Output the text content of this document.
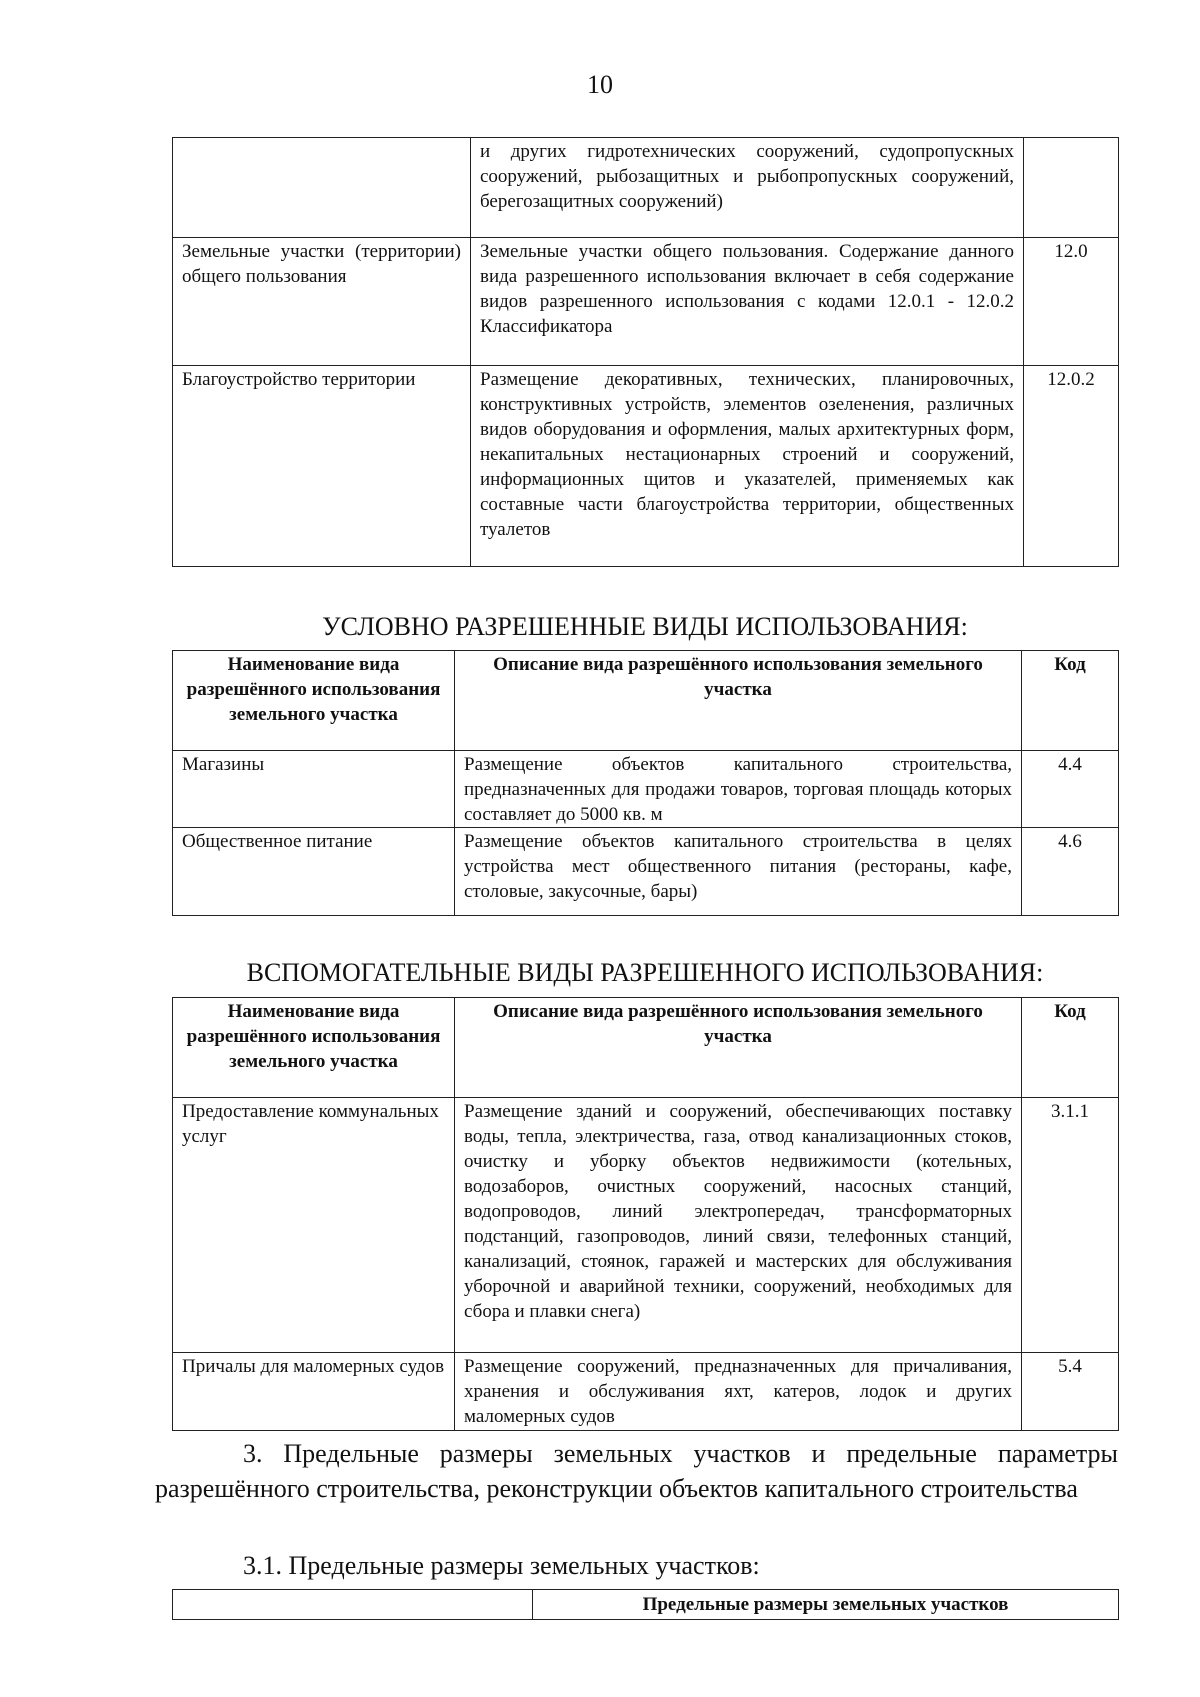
10
	и других гидротехнических сооружений, судопропускных сооружений, рыбозащитных и рыбопропускных сооружений, берегозащитных сооружений)	
Земельные участки (территории) общего пользования	Земельные участки общего пользования. Содержание данного вида разрешенного использования включает в себя содержание видов разрешенного использования с кодами 12.0.1 - 12.0.2 Классификатора	12.0
Благоустройство территории	Размещение декоративных, технических, планировочных, конструктивных устройств, элементов озеленения, различных видов оборудования и оформления, малых архитектурных форм, некапитальных нестационарных строений и сооружений, информационных щитов и указателей, применяемых как составные части благоустройства территории, общественных туалетов	12.0.2
УСЛОВНО РАЗРЕШЕННЫЕ ВИДЫ ИСПОЛЬЗОВАНИЯ:
Наименование вида разрешённого использования земельного участка	Описание вида разрешённого использования земельного участка	Код
Магазины	Размещение объектов капитального строительства, предназначенных для продажи товаров, торговая площадь которых составляет до 5000 кв. м	4.4
Общественное питание	Размещение объектов капитального строительства в целях устройства мест общественного питания (рестораны, кафе, столовые, закусочные, бары)	4.6
ВСПОМОГАТЕЛЬНЫЕ ВИДЫ РАЗРЕШЕННОГО ИСПОЛЬЗОВАНИЯ:
Наименование вида разрешённого использования земельного участка	Описание вида разрешённого использования земельного участка	Код
Предоставление коммунальных услуг	Размещение зданий и сооружений, обеспечивающих поставку воды, тепла, электричества, газа, отвод канализационных стоков, очистку и уборку объектов недвижимости (котельных, водозаборов, очистных сооружений, насосных станций, водопроводов, линий электропередач, трансформаторных подстанций, газопроводов, линий связи, телефонных станций, канализаций, стоянок, гаражей и мастерских для обслуживания уборочной и аварийной техники, сооружений, необходимых для сбора и плавки снега)	3.1.1
Причалы для маломерных судов	Размещение сооружений, предназначенных для причаливания, хранения и обслуживания яхт, катеров, лодок и других маломерных судов	5.4
3. Предельные размеры земельных участков и предельные параметры разрешённого строительства, реконструкции объектов капитального строительства
3.1. Предельные размеры земельных участков:
	Предельные размеры земельных участков
